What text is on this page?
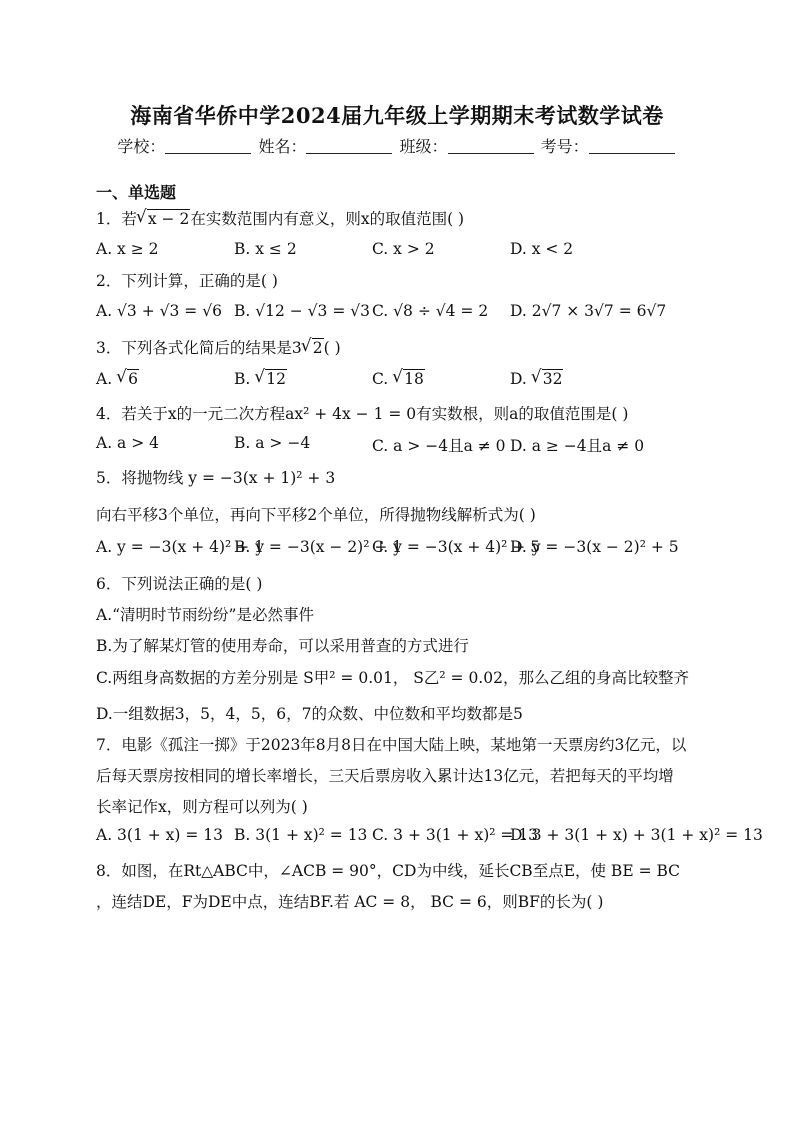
海南省华侨中学2024届九年级上学期期末考试数学试卷
学校：	姓名：	班级：	考号：
一、单选题
1．若 √ x − 2在实数范围内有意义，则x的取值范围( )
A. x ≥ 2	B. x ≤ 2	C. x > 2	D. x < 2
2．下列计算，正确的是( )
A. √3 + √3 = √6 B. √12 − √3 = √3 C. √8 ÷ √4 = 2 D. 2√7 × 3√7 = 6√7
3．下列各式化简后的结果是3 √ 2( )
A. √ 6	B. √ 12	C. √ 18	D. √ 32
4．若关于x的一元二次方程ax² + 4x − 1 = 0有实数根，则a的取值范围是( )
A. a > 4	B. a > −4	C. a > −4且a ≠ 0 D. a ≥ −4且a ≠ 0
5．将抛物线 y = −3(x + 1)² + 3
向右平移3个单位，再向下平移2个单位，所得抛物线解析式为( )
A. y = −3(x + 4)² + 1
B. y = −3(x − 2)² + 1
C. y = −3(x + 4)² + 5
D. y = −3(x − 2)² + 5
6．下列说法正确的是( )
A.“清明时节雨纷纷”是必然事件
B.为了解某灯管的使用寿命，可以采用普查的方式进行
C.两组身高数据的方差分别是 S甲² = 0.01， S乙² = 0.02，那么乙组的身高比较整齐
D.一组数据3，5，4，5，6，7的众数、中位数和平均数都是5
7．电影《孤注一掷》于2023年8月8日在中国大陆上映，某地第一天票房约3亿元，以
后每天票房按相同的增长率增长，三天后票房收入累计达13亿元，若把每天的平均增
长率记作x，则方程可以列为( )
A. 3(1 + x) = 13 B. 3(1 + x)² = 13 C. 3 + 3(1 + x)² = 13
D. 3 + 3(1 + x) + 3(1 + x)² = 13
8．如图，在Rt△ABC中，∠ACB = 90°，CD为中线，延长CB至点E，使 BE = BC
，连结DE，F为DE中点，连结BF.若 AC = 8， BC = 6，则BF的长为( )
